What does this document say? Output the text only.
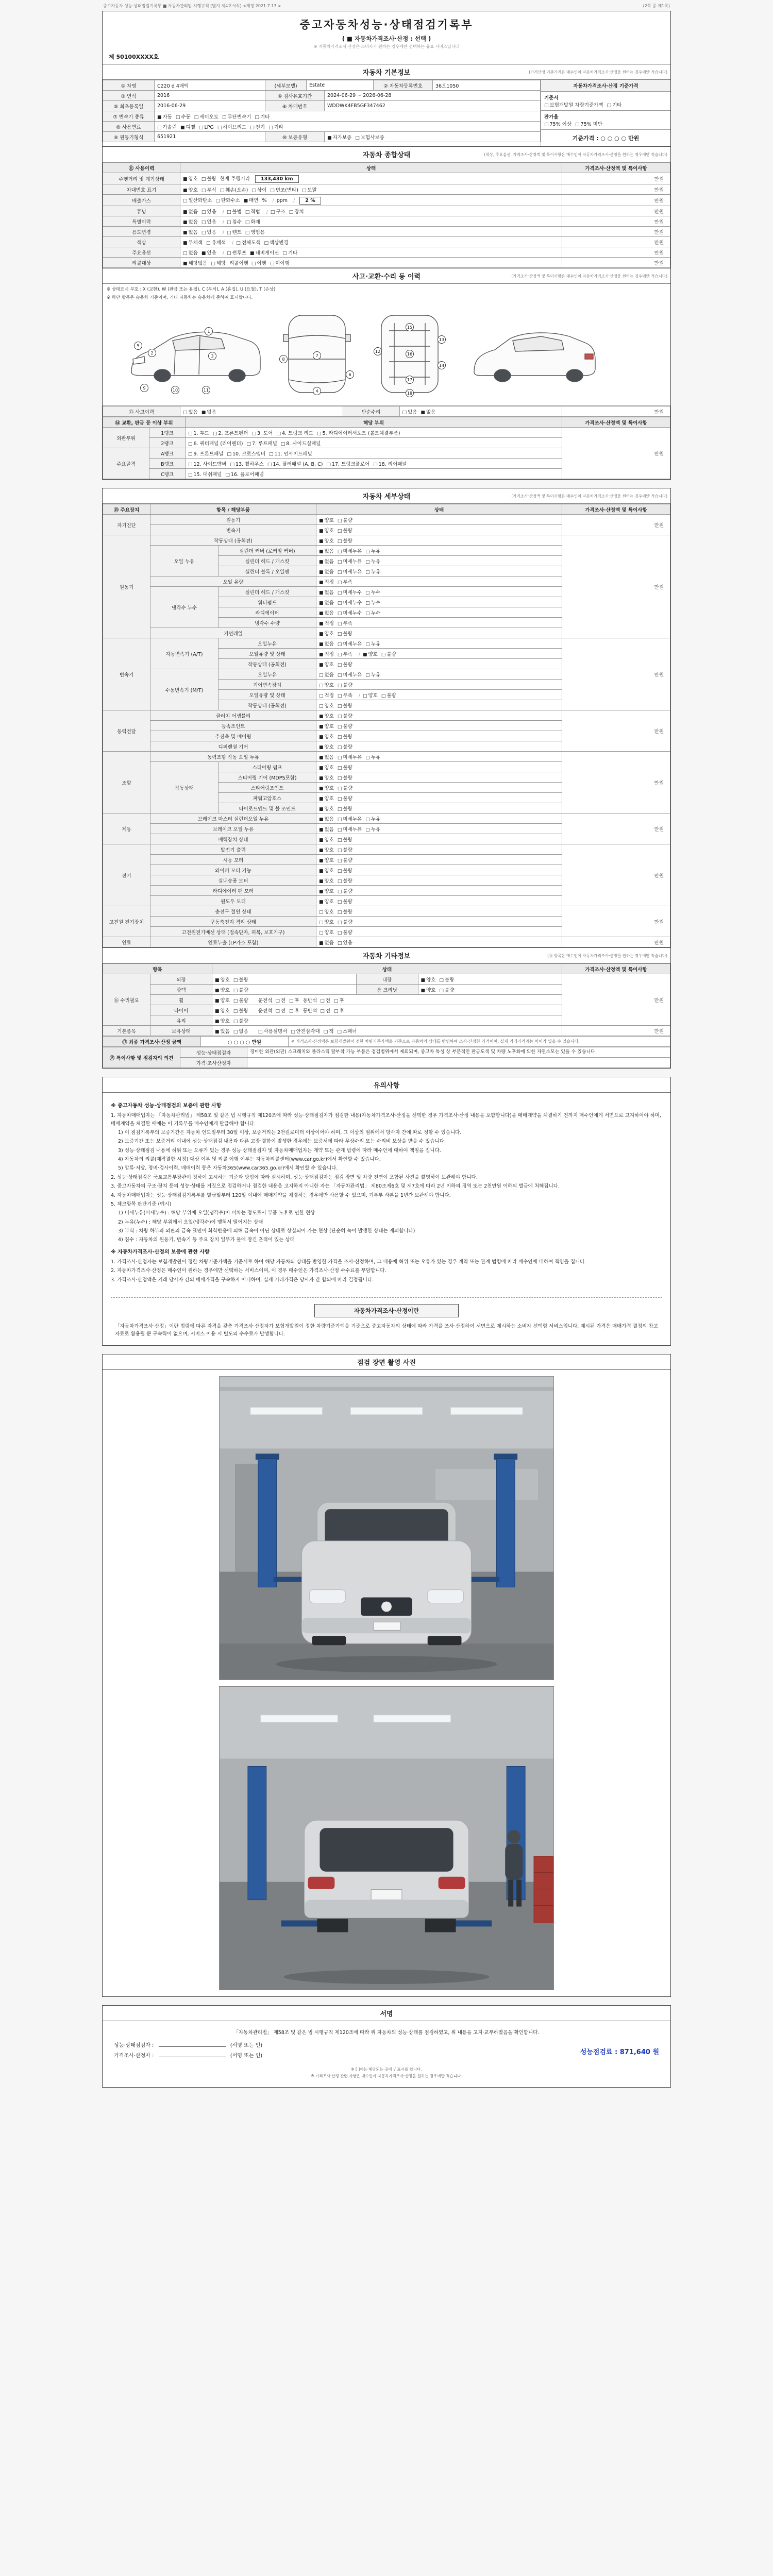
중고자동차 성능·상태점검기록부 ■ 자동차관리법 시행규칙 [별지 제4호서식] <개정 2021.7.13.>	(2쪽 중 제1쪽)
중고자동차성능·상태점검기록부
( ■ 자동차가격조사·산정 : 선택 )
※ 자동차가격조사·산정은 소비자가 원하는 경우에만 선택하는 유료 서비스입니다
제 50100XXXX호
자동차 기본정보	(가격산정 기준가격은 매수인이 자동차가격조사·산정을 원하는 경우에만 적습니다)
① 차명	C220 d 4매틱	(세부모델)	Estate	② 자동차등록번호	36오1050
③ 연식	2016	④ 검사유효기간	2024-06-29 ~ 2026-06-28
⑤ 최초등록일	2016-06-29	⑥ 차대번호	WDDWK4FB5GF347462
⑦ 변속기 종류	■ 자동 □ 수동 □ 세미오토 □ 무단변속기 □ 기타
⑧ 사용연료	□ 가솔린 ■ 디젤 □ LPG □ 하이브리드 □ 전기 □ 기타
⑨ 원동기형식	651921	⑩ 보증유형	■ 자가보증 □ 보험사보증
자동차가격조사·산정 기준가격
기준서
□ 보험개발원 차량기준가액 □ 기타
잔가율
□ 75% 이상 □ 75% 미만
기준가격 : ○ ○ ○ ○ 만원
자동차 종합상태	(색상, 주요옵션, 가격조사·산정액 및 특이사항은 매수인이 자동차가격조사·산정을 원하는 경우에만 적습니다)
⑪ 사용이력	상태	가격조사·산정액 및 특이사항
주행거리 및 계기상태	■ 양호 □ 불량 현재 주행거리 133,430 km	만원
차대번호 표기	■ 양호 □ 부식 □ 훼손(오손) □ 상이 □ 변조(변타) □ 도말	만원
배출가스	□ 일산화탄소 □ 탄화수소 ■ 매연 % / ppm / 2 %	만원
튜닝	■ 없음 □ 있음 / □ 불법 □ 적법 / □ 구조 □ 장치	만원
특별이력	■ 없음 □ 있음 / □ 침수 □ 화재	만원
용도변경	■ 없음 □ 있음 / □ 렌트 □ 영업용	만원
색상	■ 무채색 □ 유채색 / □ 전체도색 □ 색상변경	만원
주요옵션	□ 없음 ■ 있음 / □ 썬루프 ■ 네비게이션 □ 기타	만원
리콜대상	■ 해당없음 □ 해당 리콜이행 □ 이행 □ 미이행	만원
사고·교환·수리 등 이력	(가격조사·산정액 및 특이사항은 매수인이 자동차가격조사·산정을 원하는 경우에만 적습니다)
※ 상태표시 부호 : X (교환), W (판금 또는 용접), C (부식), A (흠집), U (요철), T (손상)
※ 하단 항목은 승용차 기준이며, 기타 자동차는 승용차에 준하여 표시합니다.
1
2
3
5
9	10	11
7
8
6
4
15
12
13
16
14
17
18
⑬ 사고이력	□ 있음 ■ 없음	단순수리	□ 있음 ■ 없음	만원
⑭ 교환, 판금 등 이상 부위		해당 부위	가격조사·산정액 및 특이사항
외판부위	1랭크	□ 1. 후드 □ 2. 프론트펜더 □ 3. 도어 □ 4. 트렁크 리드 □ 5. 라디에이터서포트 (볼트체결부품)	만원
	2랭크	□ 6. 쿼터패널 (리어펜더) □ 7. 루프패널 □ 8. 사이드실패널	
주요골격	A랭크	□ 9. 프론트패널 □ 10. 크로스멤버 □ 11. 인사이드패널	
	B랭크	□ 12. 사이드멤버 □ 13. 휠하우스 □ 14. 필러패널 (A, B, C) □ 17. 트렁크플로어 □ 18. 리어패널	
	C랭크	□ 15. 대쉬패널 □ 16. 플로어패널	
자동차 세부상태	(가격조사·산정액 및 특이사항은 매수인이 자동차가격조사·산정을 원하는 경우에만 적습니다)
⑮ 주요장치	항목 / 해당부품		상태	가격조사·산정액 및 특이사항
자기진단	원동기		■ 양호 □ 불량	만원
	변속기		■ 양호 □ 불량	
원동기	작동상태 (공회전)		■ 양호 □ 불량	만원
	오일 누유	실린더 커버 (로커암 커버)	■ 없음 □ 미세누유 □ 누유	
		실린더 헤드 / 개스킷	■ 없음 □ 미세누유 □ 누유	
		실린더 블록 / 오일팬	■ 없음 □ 미세누유 □ 누유	
	오일 유량		■ 적정 □ 부족	
	냉각수 누수	실린더 헤드 / 개스킷	■ 없음 □ 미세누수 □ 누수	
		워터펌프	■ 없음 □ 미세누수 □ 누수	
		라디에이터	■ 없음 □ 미세누수 □ 누수	
		냉각수 수량	■ 적정 □ 부족	
	커먼레일		■ 양호 □ 불량	
변속기	자동변속기 (A/T)	오일누유	■ 없음 □ 미세누유 □ 누유	만원
		오일유량 및 상태	■ 적정 □ 부족 / ■ 양호 □ 불량	
		작동상태 (공회전)	■ 양호 □ 불량	
	수동변속기 (M/T)	오일누유	□ 없음 □ 미세누유 □ 누유	
		기어변속장치	□ 양호 □ 불량	
		오일유량 및 상태	□ 적정 □ 부족 / □ 양호 □ 불량	
		작동상태 (공회전)	□ 양호 □ 불량	
동력전달	클러치 어셈블리		■ 양호 □ 불량	만원
	등속조인트		■ 양호 □ 불량	
	추진축 및 베어링		■ 양호 □ 불량	
	디퍼렌셜 기어		■ 양호 □ 불량	
조향	동력조향 작동 오일 누유		■ 없음 □ 미세누유 □ 누유	만원
	작동상태	스티어링 펌프	■ 양호 □ 불량	
		스티어링 기어 (MDPS포함)	■ 양호 □ 불량	
		스티어링조인트	■ 양호 □ 불량	
		파워고압호스	■ 양호 □ 불량	
		타이로드엔드 및 볼 조인트	■ 양호 □ 불량	
제동	브레이크 마스터 실린더오일 누유		■ 없음 □ 미세누유 □ 누유	만원
	브레이크 오일 누유		■ 없음 □ 미세누유 □ 누유	
	배력장치 상태		■ 양호 □ 불량	
전기	발전기 출력		■ 양호 □ 불량	만원
	시동 모터		■ 양호 □ 불량	
	와이퍼 모터 기능		■ 양호 □ 불량	
	실내송풍 모터		■ 양호 □ 불량	
	라디에이터 팬 모터		■ 양호 □ 불량	
	윈도우 모터		■ 양호 □ 불량	
고전원 전기장치	충전구 절연 상태		□ 양호 □ 불량	만원
	구동축전지 격리 상태		□ 양호 □ 불량	
	고전원전기배선 상태 (접속단자, 피복, 보호기구)		□ 양호 □ 불량	
연료	연료누출 (LP가스 포함)		■ 없음 □ 있음	만원
자동차 기타정보	(⑯ 항목은 매수인이 자동차가격조사·산정을 원하는 경우에만 적습니다)
항목		상태			가격조사·산정액 및 특이사항
⑯ 수리필요	외장	■ 양호 □ 불량	내장	■ 양호 □ 불량	만원
	광택	■ 양호 □ 불량	룸 크리닝	■ 양호 □ 불량	
	휠	■ 양호 □ 불량 운전석 □ 전 □ 후 동반석 □ 전 □ 후			
	타이어	■ 양호 □ 불량 운전석 □ 전 □ 후 동반석 □ 전 □ 후			
	유리	■ 양호 □ 불량			
기본품목	보유상태	■ 있음 □ 없음 □ 사용설명서 □ 안전삼각대 □ 잭 □ 스패너			만원
⑰ 최종 가격조사·산정 금액	○ ○ ○ ○ 만원	※ 가격조사·산정액은 보험개발원이 정한 차량기준가액을 기준으로 자동차의 상태를 반영하여 조사·산정한 가격이며, 실제 거래가격과는 차이가 있을 수 있습니다.
⑱ 특이사항 및 점검자의 의견	성능·상태점검자	경미한 외관(외판) 스크래치와 플라스틱 탈부착 가능 부품은 점검범위에서 제외되며, 중고차 특성 상 부분적인 판금도색 및 차량 노후화에 의한 자연소모는 있을 수 있습니다.
	가격·조사산정자	
유의사항
※ 중고자동차 성능·상태점검의 보증에 관한 사항

1. 자동차매매업자는 「자동차관리법」 제58조 및 같은 법 시행규칙 제120조에 따라 성능·상태점검자가 점검한 내용(자동차가격조사·산정을 선택한 경우 가격조사·산정 내용을 포함합니다)을 매매계약을 체결하기 전까지 매수인에게 서면으로 고지하여야 하며, 매매계약을 체결한 때에는 이 기록부를 매수인에게 발급해야 합니다.

1) 이 점검기록부의 보증기간은 자동차 인도일부터 30일 이상, 보증거리는 2천킬로미터 이상이어야 하며, 그 이상의 범위에서 당사자 간에 따로 정할 수 있습니다.

2) 보증기간 또는 보증거리 이내에 성능·상태점검 내용과 다른 고장·결함이 발생한 경우에는 보증서에 따라 무상수리 또는 수리비 보상을 받을 수 있습니다.

3) 성능·상태점검 내용에 허위 또는 오류가 있는 경우 성능·상태점검자 및 자동차매매업자는 계약 또는 관계 법령에 따라 매수인에 대하여 책임을 집니다.

4) 자동차의 리콜(제작결함 시정) 대상 여부 및 리콜 이행 여부는 자동차리콜센터(www.car.go.kr)에서 확인할 수 있습니다.

5) 압류·저당, 정비·검사이력, 매매이력 등은 자동차365(www.car365.go.kr)에서 확인할 수 있습니다.

2. 성능·상태점검은 국토교통부장관이 정하여 고시하는 기준과 방법에 따라 실시하며, 성능·상태점검자는 점검 장면 및 차량 전면이 포함된 사진을 촬영하여 보관해야 합니다.

3. 중고자동차의 구조·장치 등의 성능·상태를 거짓으로 점검하거나 점검한 내용을 고지하지 아니한 자는 「자동차관리법」 제80조제6호 및 제7호에 따라 2년 이하의 징역 또는 2천만원 이하의 벌금에 처해집니다.

4. 자동차매매업자는 성능·상태점검기록부를 발급일부터 120일 이내에 매매계약을 체결하는 경우에만 사용할 수 있으며, 기록부 사본을 1년간 보관해야 합니다.

5. 체크항목 판단기준 (예시)

1) 미세누유(미세누수) : 해당 부위에 오일(냉각수)이 비치는 정도로서 부품 노후로 인한 현상

2) 누유(누수) : 해당 부위에서 오일(냉각수)이 맺혀서 떨어지는 상태

3) 부식 : 차량 하부와 외판의 금속 표면이 화학반응에 의해 금속이 아닌 상태로 상실되어 가는 현상 (단순히 녹이 발생한 상태는 제외합니다)

4) 침수 : 자동차의 원동기, 변속기 등 주요 장치 일부가 물에 잠긴 흔적이 있는 상태

※ 자동차가격조사·산정의 보증에 관한 사항

1. 가격조사·산정자는 보험개발원이 정한 차량기준가액을 기준서로 하여 해당 자동차의 상태를 반영한 가격을 조사·산정하며, 그 내용에 허위 또는 오류가 있는 경우 계약 또는 관계 법령에 따라 매수인에 대하여 책임을 집니다.

2. 자동차가격조사·산정은 매수인이 원하는 경우에만 선택하는 서비스이며, 이 경우 매수인은 가격조사·산정 수수료를 부담합니다.

3. 가격조사·산정액은 거래 당사자 간의 매매가격을 구속하지 아니하며, 실제 거래가격은 당사자 간 합의에 따라 결정됩니다.

자동차가격조사·산정이란

「자동차가격조사·산정」이란 법령에 따른 자격을 갖춘 가격조사·산정자가 보험개발원이 정한 차량기준가액을 기준으로 중고자동차의 상태에 따라 가격을 조사·산정하여 서면으로 제시하는 소비자 선택형 서비스입니다. 제시된 가격은 매매가격 결정의 참고자료로 활용될 뿐 구속력이 없으며, 서비스 이용 시 별도의 수수료가 발생합니다.

점검 장면 촬영 사진
서명

「자동차관리법」 제58조 및 같은 법 시행규칙 제120조에 따라 위 자동차의 성능·상태를 점검하였고, 위 내용을 고지·교부하였음을 확인합니다.

성능·상태점검자 :	(서명 또는 인)
가격조사·산정자 :	(서명 또는 인)	성능점검료 : 871,640 원
※ [ ]에는 해당되는 곳에 √ 표시를 합니다.
※ 가격조사·산정 관련 사항은 매수인이 자동차가격조사·산정을 원하는 경우에만 적습니다.
